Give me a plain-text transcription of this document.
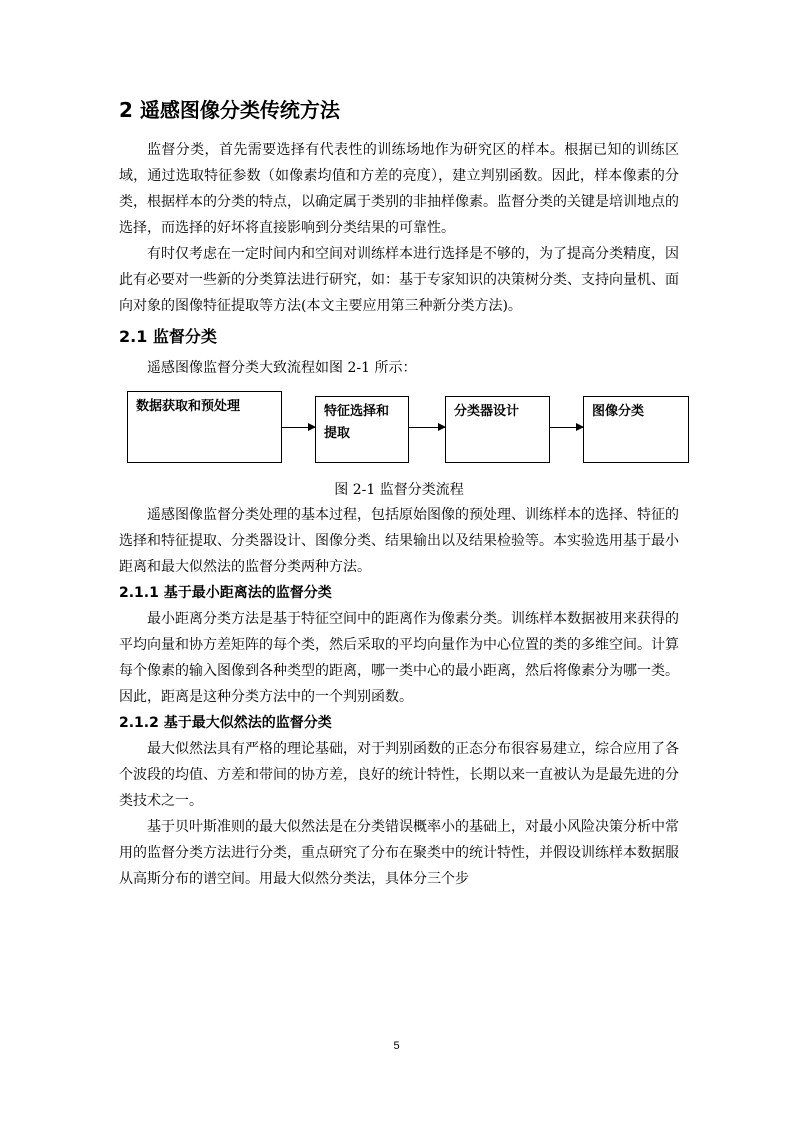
2 遥感图像分类传统方法

监督分类，首先需要选择有代表性的训练场地作为研究区的样本。根据已知的训练区域，通过选取特征参数（如像素均值和方差的亮度），建立判别函数。因此，样本像素的分类，根据样本的分类的特点，以确定属于类别的非抽样像素。监督分类的关键是培训地点的选择，而选择的好坏将直接影响到分类结果的可靠性。

有时仅考虑在一定时间内和空间对训练样本进行选择是不够的，为了提高分类精度，因此有必要对一些新的分类算法进行研究，如：基于专家知识的决策树分类、支持向量机、面向对象的图像特征提取等方法(本文主要应用第三种新分类方法)。

2.1 监督分类

遥感图像监督分类大致流程如图 2-1 所示：

数据获取和预处理	特征选择和提取
分类器设计	图像分类
图 2-1 监督分类流程

遥感图像监督分类处理的基本过程，包括原始图像的预处理、训练样本的选择、特征的选择和特征提取、分类器设计、图像分类、结果输出以及结果检验等。本实验选用基于最小距离和最大似然法的监督分类两种方法。

2.1.1 基于最小距离法的监督分类

最小距离分类方法是基于特征空间中的距离作为像素分类。训练样本数据被用来获得的平均向量和协方差矩阵的每个类，然后采取的平均向量作为中心位置的类的多维空间。计算每个像素的输入图像到各种类型的距离，哪一类中心的最小距离，然后将像素分为哪一类。因此，距离是这种分类方法中的一个判别函数。

2.1.2 基于最大似然法的监督分类

最大似然法具有严格的理论基础，对于判别函数的正态分布很容易建立，综合应用了各个波段的均值、方差和带间的协方差，良好的统计特性，长期以来一直被认为是最先进的分类技术之一。

基于贝叶斯准则的最大似然法是在分类错误概率小的基础上，对最小风险决策分析中常用的监督分类方法进行分类，重点研究了分布在聚类中的统计特性，并假设训练样本数据服从高斯分布的谱空间。用最大似然分类法，具体分三个步

5
